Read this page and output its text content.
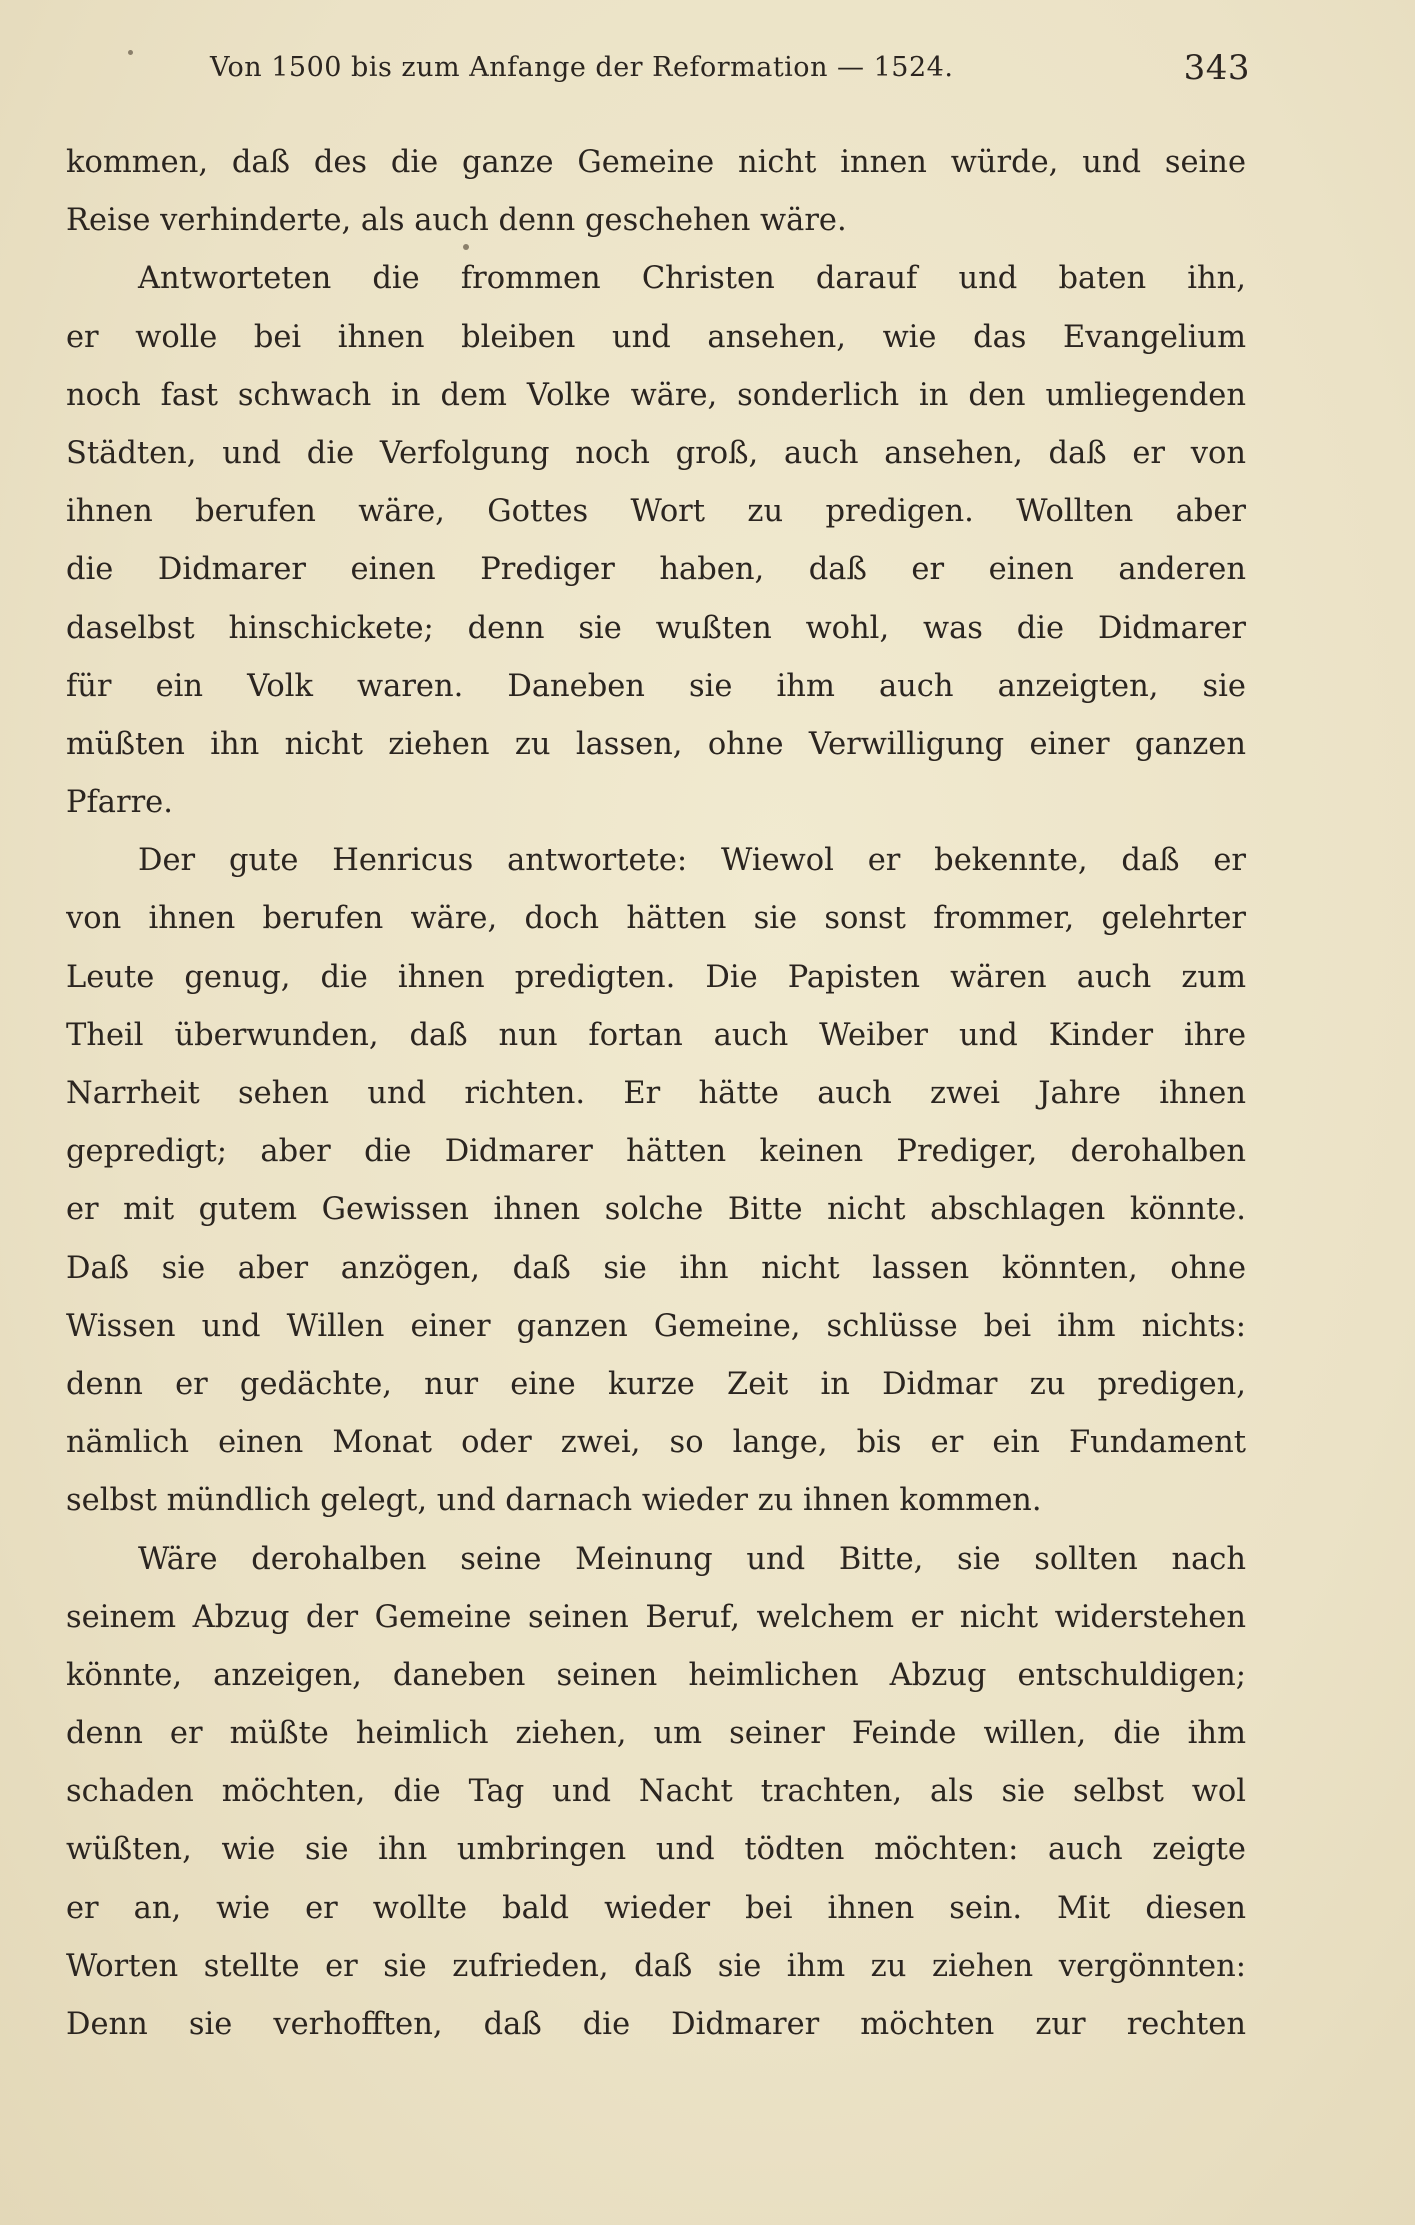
Von 1500 bis zum Anfange der Reformation — 1524.	343
kommen, daß des die ganze Gemeine nicht innen würde, und seine
Reise verhinderte, als auch denn geschehen wäre.
Antworteten die frommen Christen darauf und baten ihn,
er wolle bei ihnen bleiben und ansehen, wie das Evangelium
noch fast schwach in dem Volke wäre, sonderlich in den umliegenden
Städten, und die Verfolgung noch groß, auch ansehen, daß er von
ihnen berufen wäre, Gottes Wort zu predigen. Wollten aber
die Didmarer einen Prediger haben, daß er einen anderen
daselbst hinschickete; denn sie wußten wohl, was die Didmarer
für ein Volk waren. Daneben sie ihm auch anzeigten, sie
müßten ihn nicht ziehen zu lassen, ohne Verwilligung einer ganzen
Pfarre.
Der gute Henricus antwortete: Wiewol er bekennte, daß er
von ihnen berufen wäre, doch hätten sie sonst frommer, gelehrter
Leute genug, die ihnen predigten. Die Papisten wären auch zum
Theil überwunden, daß nun fortan auch Weiber und Kinder ihre
Narrheit sehen und richten. Er hätte auch zwei Jahre ihnen
gepredigt; aber die Didmarer hätten keinen Prediger, derohalben
er mit gutem Gewissen ihnen solche Bitte nicht abschlagen könnte.
Daß sie aber anzögen, daß sie ihn nicht lassen könnten, ohne
Wissen und Willen einer ganzen Gemeine, schlüsse bei ihm nichts:
denn er gedächte, nur eine kurze Zeit in Didmar zu predigen,
nämlich einen Monat oder zwei, so lange, bis er ein Fundament
selbst mündlich gelegt, und darnach wieder zu ihnen kommen.
Wäre derohalben seine Meinung und Bitte, sie sollten nach
seinem Abzug der Gemeine seinen Beruf, welchem er nicht widerstehen
könnte, anzeigen, daneben seinen heimlichen Abzug entschuldigen;
denn er müßte heimlich ziehen, um seiner Feinde willen, die ihm
schaden möchten, die Tag und Nacht trachten, als sie selbst wol
wüßten, wie sie ihn umbringen und tödten möchten: auch zeigte
er an, wie er wollte bald wieder bei ihnen sein. Mit diesen
Worten stellte er sie zufrieden, daß sie ihm zu ziehen vergönnten:
Denn sie verhofften, daß die Didmarer möchten zur rechten
